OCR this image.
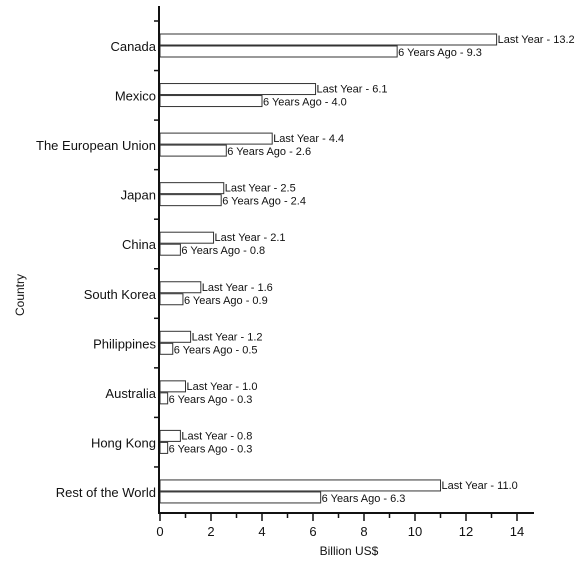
Last Year - 13.2
6 Years Ago - 9.3
Last Year - 6.1
6 Years Ago - 4.0
Last Year - 4.4
6 Years Ago - 2.6
Last Year - 2.5
6 Years Ago - 2.4
Last Year - 2.1
6 Years Ago - 0.8
Last Year - 1.6
6 Years Ago - 0.9
Last Year - 1.2
6 Years Ago - 0.5
Last Year - 1.0
6 Years Ago - 0.3
Last Year - 0.8
6 Years Ago - 0.3
Last Year - 11.0
6 Years Ago - 6.3
Canada
Mexico
The European Union
Japan
China
South Korea
Philippines
Australia
Hong Kong
Rest of the World
0	2	4	6	8	10	12	14
Billion US$
Country
